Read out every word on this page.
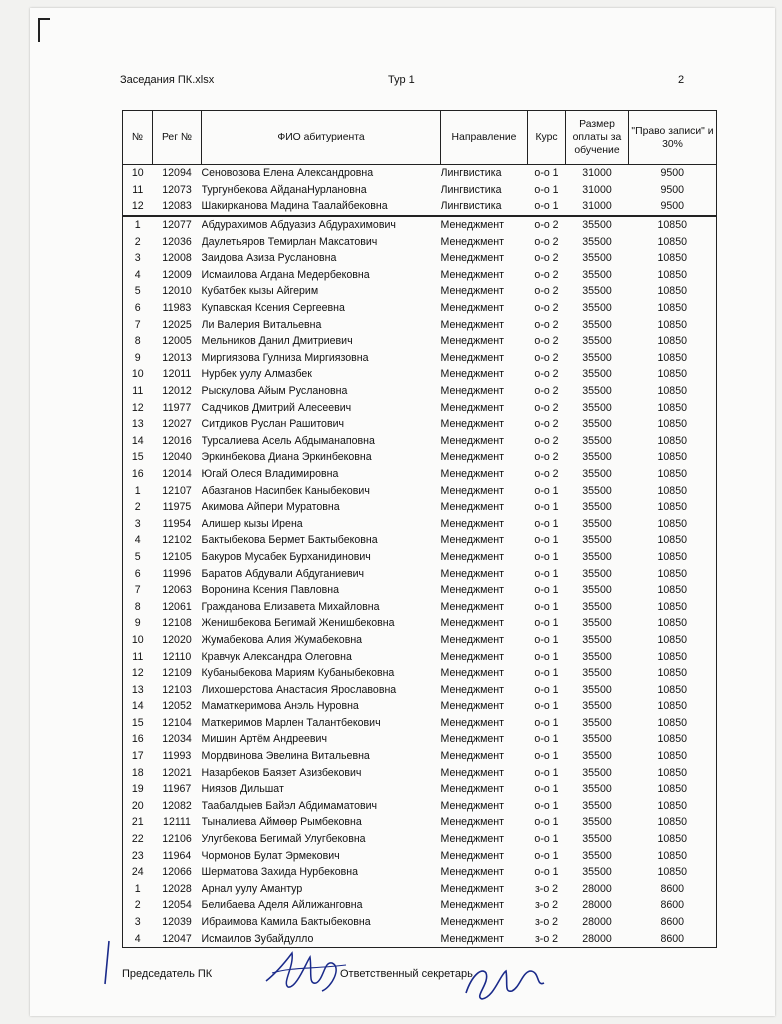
Заседания ПК.xlsx	Тур 1	2
№	Рег №	ФИО абитуриента	Направление	Курс	Размер оплаты за обучение	"Право записи" и 30%
10	12094	Сеновозова Елена Александровна	Лингвистика	о-о 1	31000	9500
11	12073	Тургунбекова АйданаНурлановна	Лингвистика	о-о 1	31000	9500
12	12083	Шакирканова Мадина Таалайбековна	Лингвистика	о-о 1	31000	9500
1	12077	Абдурахимов Абдуазиз Абдурахимович	Менеджмент	о-о 2	35500	10850
2	12036	Даулетьяров Темирлан Максатович	Менеджмент	о-о 2	35500	10850
3	12008	Заидова Азиза Руслановна	Менеджмент	о-о 2	35500	10850
4	12009	Исмаилова Агдана Медербековна	Менеджмент	о-о 2	35500	10850
5	12010	Кубатбек кызы Айгерим	Менеджмент	о-о 2	35500	10850
6	11983	Купавская Ксения Сергеевна	Менеджмент	о-о 2	35500	10850
7	12025	Ли Валерия Витальевна	Менеджмент	о-о 2	35500	10850
8	12005	Мельников Данил Дмитриевич	Менеджмент	о-о 2	35500	10850
9	12013	Миргиязова Гулниза Миргиязовна	Менеджмент	о-о 2	35500	10850
10	12011	Нурбек уулу Алмазбек	Менеджмент	о-о 2	35500	10850
11	12012	Рыскулова Айым Руслановна	Менеджмент	о-о 2	35500	10850
12	11977	Садчиков Дмитрий Алесеевич	Менеджмент	о-о 2	35500	10850
13	12027	Ситдиков Руслан Рашитович	Менеджмент	о-о 2	35500	10850
14	12016	Турсалиева Асель Абдыманаповна	Менеджмент	о-о 2	35500	10850
15	12040	Эркинбекова Диана Эркинбековна	Менеджмент	о-о 2	35500	10850
16	12014	Югай Олеся Владимировна	Менеджмент	о-о 2	35500	10850
1	12107	Абазганов Насипбек Каныбекович	Менеджмент	о-о 1	35500	10850
2	11975	Акимова Айпери Муратовна	Менеджмент	о-о 1	35500	10850
3	11954	Алишер кызы Ирена	Менеджмент	о-о 1	35500	10850
4	12102	Бактыбекова Бермет Бактыбековна	Менеджмент	о-о 1	35500	10850
5	12105	Бакуров Мусабек Бурханидинович	Менеджмент	о-о 1	35500	10850
6	11996	Баратов Абдували Абдуганиевич	Менеджмент	о-о 1	35500	10850
7	12063	Воронина Ксения Павловна	Менеджмент	о-о 1	35500	10850
8	12061	Гражданова Елизавета Михайловна	Менеджмент	о-о 1	35500	10850
9	12108	Женишбекова Бегимай Женишбековна	Менеджмент	о-о 1	35500	10850
10	12020	Жумабекова Алия Жумабековна	Менеджмент	о-о 1	35500	10850
11	12110	Кравчук Александра Олеговна	Менеджмент	о-о 1	35500	10850
12	12109	Кубаныбекова Мариям Кубаныбековна	Менеджмент	о-о 1	35500	10850
13	12103	Лихошерстова Анастасия Ярославовна	Менеджмент	о-о 1	35500	10850
14	12052	Маматкеримова Анэль Нуровна	Менеджмент	о-о 1	35500	10850
15	12104	Маткеримов Марлен Талантбекович	Менеджмент	о-о 1	35500	10850
16	12034	Мишин Артём Андреевич	Менеджмент	о-о 1	35500	10850
17	11993	Мордвинова Эвелина Витальевна	Менеджмент	о-о 1	35500	10850
18	12021	Назарбеков Баязет Азизбекович	Менеджмент	о-о 1	35500	10850
19	11967	Ниязов Дильшат	Менеджмент	о-о 1	35500	10850
20	12082	Таабалдыев Байэл Абдимаматович	Менеджмент	о-о 1	35500	10850
21	12111	Тыналиева Аймөөр Рымбековна	Менеджмент	о-о 1	35500	10850
22	12106	Улугбекова Бегимай Улугбековна	Менеджмент	о-о 1	35500	10850
23	11964	Чормонов Булат Эрмекович	Менеджмент	о-о 1	35500	10850
24	12066	Шерматова Захида Нурбековна	Менеджмент	о-о 1	35500	10850
1	12028	Арнал уулу Амантур	Менеджмент	з-о 2	28000	8600
2	12054	Белибаева Аделя Айлижанговна	Менеджмент	з-о 2	28000	8600
3	12039	Ибраимова Камила Бактыбековна	Менеджмент	з-о 2	28000	8600
4	12047	Исмаилов Зубайдулло	Менеджмент	з-о 2	28000	8600
Председатель ПК	Ответственный секретарь
